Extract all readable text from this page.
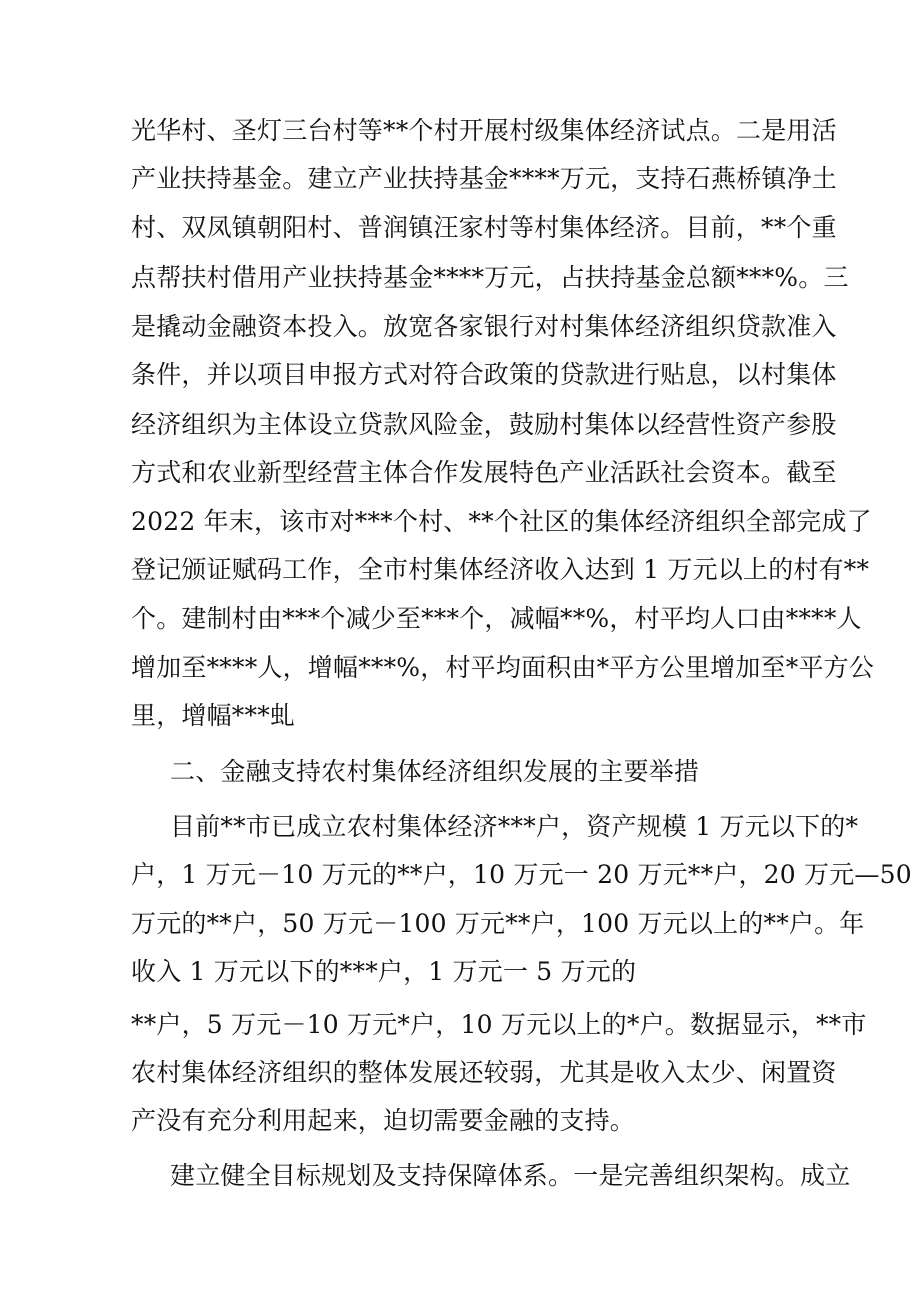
光华村、圣灯三台村等**个村开展村级集体经济试点。二是用活
产业扶持基金。建立产业扶持基金****万元，支持石燕桥镇净土
村、双凤镇朝阳村、普润镇汪家村等村集体经济。目前，**个重
点帮扶村借用产业扶持基金****万元，占扶持基金总额***%。三
是撬动金融资本投入。放宽各家银行对村集体经济组织贷款准入
条件，并以项目申报方式对符合政策的贷款进行贴息，以村集体
经济组织为主体设立贷款风险金，鼓励村集体以经营性资产参股
方式和农业新型经营主体合作发展特色产业活跃社会资本。截至
2022 年末，该市对***个村、**个社区的集体经济组织全部完成了
登记颁证赋码工作，全市村集体经济收入达到 1 万元以上的村有**
个。建制村由***个减少至***个，减幅**%，村平均人口由****人
增加至****人，增幅***%，村平均面积由*平方公里增加至*平方公
里，增幅***虬
二、金融支持农村集体经济组织发展的主要举措
目前**市已成立农村集体经济***户，资产规模 1 万元以下的*
户，1 万元－10 万元的**户，10 万元一 20 万元**户，20 万元—50
万元的**户，50 万元－100 万元**户，100 万元以上的**户。年
收入 1 万元以下的***户，1 万元一 5 万元的
**户，5 万元－10 万元*户，10 万元以上的*户。数据显示，**市
农村集体经济组织的整体发展还较弱，尤其是收入太少、闲置资
产没有充分利用起来，迫切需要金融的支持。
建立健全目标规划及支持保障体系。一是完善组织架构。成立
